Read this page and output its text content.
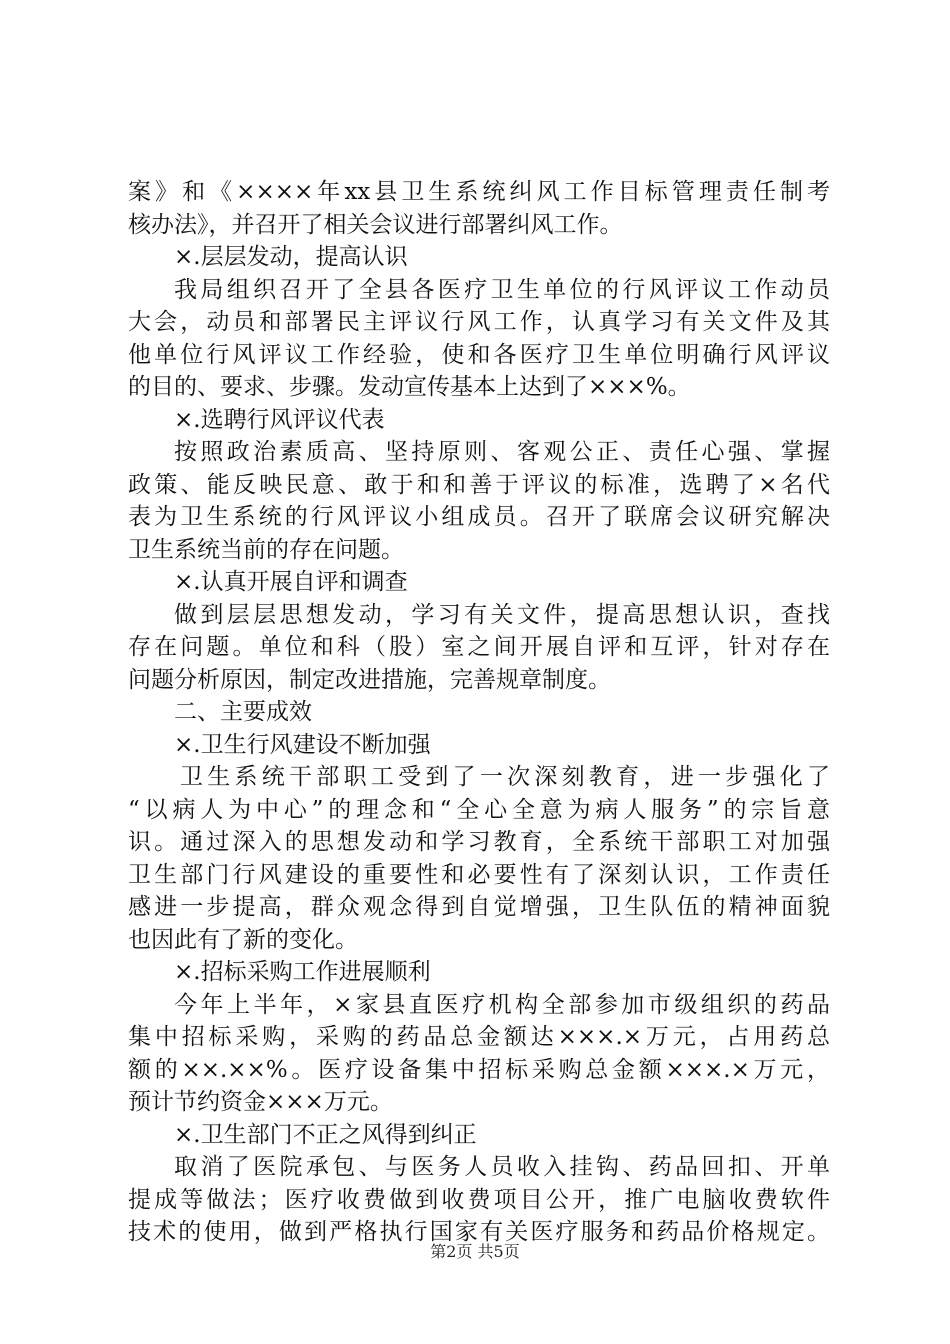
案》和《××××年xx县卫生系统纠风工作目标管理责任制考
核办法》，并召开了相关会议进行部署纠风工作。
×.层层发动，提高认识
我局组织召开了全县各医疗卫生单位的行风评议工作动员
大会，动员和部署民主评议行风工作，认真学习有关文件及其
他单位行风评议工作经验，使和各医疗卫生单位明确行风评议
的目的、要求、步骤。发动宣传基本上达到了×××%。
×.选聘行风评议代表
按照政治素质高、坚持原则、客观公正、责任心强、掌握
政策、能反映民意、敢于和和善于评议的标准，选聘了×名代
表为卫生系统的行风评议小组成员。召开了联席会议研究解决
卫生系统当前的存在问题。
×.认真开展自评和调查
做到层层思想发动，学习有关文件，提高思想认识，查找
存在问题。单位和科（股）室之间开展自评和互评，针对存在
问题分析原因，制定改进措施，完善规章制度。
二、主要成效
×.卫生行风建设不断加强
卫生系统干部职工受到了一次深刻教育，进一步强化了
“以病人为中心”的理念和“全心全意为病人服务”的宗旨意
识。通过深入的思想发动和学习教育，全系统干部职工对加强
卫生部门行风建设的重要性和必要性有了深刻认识，工作责任
感进一步提高，群众观念得到自觉增强，卫生队伍的精神面貌
也因此有了新的变化。
×.招标采购工作进展顺利
今年上半年，×家县直医疗机构全部参加市级组织的药品
集中招标采购，采购的药品总金额达×××.×万元，占用药总
额的××.××%。医疗设备集中招标采购总金额×××.×万元，
预计节约资金×××万元。
×.卫生部门不正之风得到纠正
取消了医院承包、与医务人员收入挂钩、药品回扣、开单
提成等做法；医疗收费做到收费项目公开，推广电脑收费软件
技术的使用，做到严格执行国家有关医疗服务和药品价格规定。
第2页 共5页
